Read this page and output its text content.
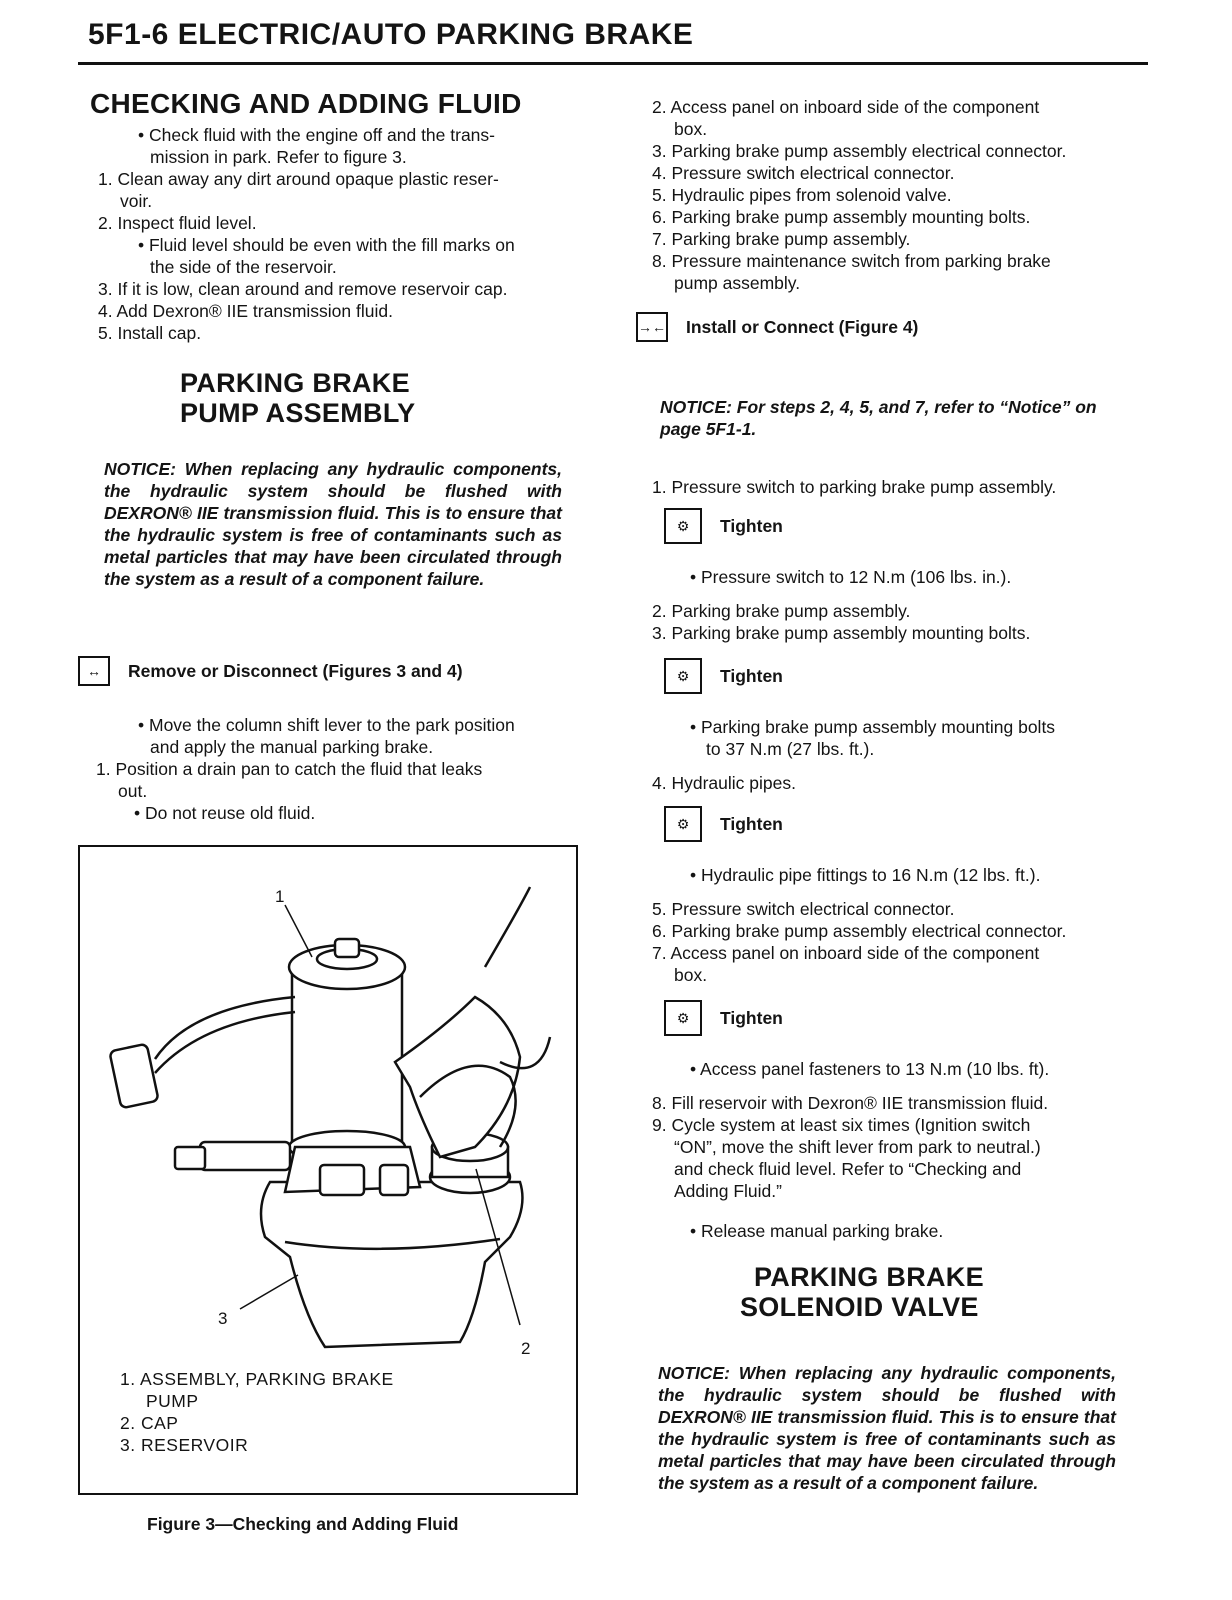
5F1-6 ELECTRIC/AUTO PARKING BRAKE
CHECKING AND ADDING FLUID
• Check fluid with the engine off and the trans-
mission in park. Refer to figure 3.
1. Clean away any dirt around opaque plastic reser-
voir.
2. Inspect fluid level.
• Fluid level should be even with the fill marks on
the side of the reservoir.
3. If it is low, clean around and remove reservoir cap.
4. Add Dexron® IIE transmission fluid.
5. Install cap.
PARKING BRAKE
PUMP ASSEMBLY
NOTICE: When replacing any hydraulic components, the hydraulic system should be flushed with DEXRON® IIE transmission fluid. This is to ensure that the hydraulic system is free of contaminants such as metal particles that may have been circulated through the system as a result of a component failure.
↔	Remove or Disconnect (Figures 3 and 4)
• Move the column shift lever to the park position
and apply the manual parking brake.
1. Position a drain pan to catch the fluid that leaks
out.
• Do not reuse old fluid.
1
2
3
1. ASSEMBLY, PARKING BRAKE
PUMP
2. CAP
3. RESERVOIR
Figure 3—Checking and Adding Fluid
2. Access panel on inboard side of the component
box.
3. Parking brake pump assembly electrical connector.
4. Pressure switch electrical connector.
5. Hydraulic pipes from solenoid valve.
6. Parking brake pump assembly mounting bolts.
7. Parking brake pump assembly.
8. Pressure maintenance switch from parking brake
pump assembly.
→← Install or Connect (Figure 4)
NOTICE: For steps 2, 4, 5, and 7, refer to “Notice” on page 5F1-1.
1. Pressure switch to parking brake pump assembly.
⚙	Tighten
• Pressure switch to 12 N.m (106 lbs. in.).
2. Parking brake pump assembly.
3. Parking brake pump assembly mounting bolts.
⚙	Tighten
• Parking brake pump assembly mounting bolts
to 37 N.m (27 lbs. ft.).
4. Hydraulic pipes.
⚙	Tighten
• Hydraulic pipe fittings to 16 N.m (12 lbs. ft.).
5. Pressure switch electrical connector.
6. Parking brake pump assembly electrical connector.
7. Access panel on inboard side of the component
box.
⚙	Tighten
• Access panel fasteners to 13 N.m (10 lbs. ft).
8. Fill reservoir with Dexron® IIE transmission fluid.
9. Cycle system at least six times (Ignition switch
“ON”, move the shift lever from park to neutral.)
and check fluid level. Refer to “Checking and
Adding Fluid.”
• Release manual parking brake.
PARKING BRAKE
SOLENOID VALVE
NOTICE: When replacing any hydraulic components, the hydraulic system should be flushed with DEXRON® IIE transmission fluid. This is to ensure that the hydraulic system is free of contaminants such as metal particles that may have been circulated through the system as a result of a component failure.
